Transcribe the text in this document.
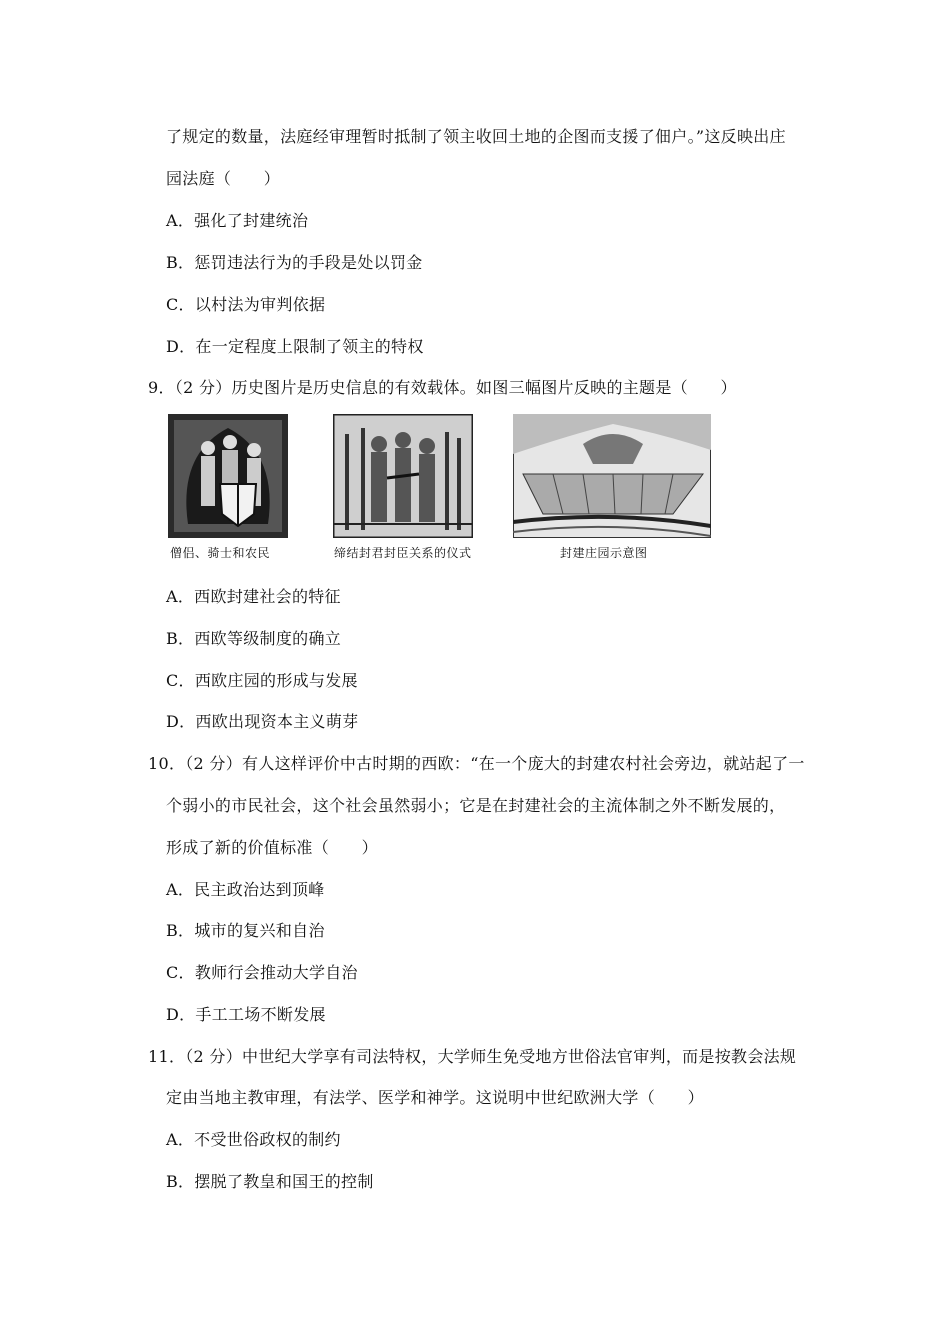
了规定的数量，法庭经审理暂时抵制了领主收回土地的企图而支援了佃户。”这反映出庄
园法庭（　　）
A．强化了封建统治
B．惩罚违法行为的手段是处以罚金
C．以村法为审判依据
D．在一定程度上限制了领主的特权
9．（2 分）历史图片是历史信息的有效载体。如图三幅图片反映的主题是（　　）
僧侣、骑士和农民	缔结封君封臣关系的仪式	封建庄园示意图
A．西欧封建社会的特征
B．西欧等级制度的确立
C．西欧庄园的形成与发展
D．西欧出现资本主义萌芽
10．（2 分）有人这样评价中古时期的西欧：“在一个庞大的封建农村社会旁边，就站起了一
个弱小的市民社会，这个社会虽然弱小；它是在封建社会的主流体制之外不断发展的，
形成了新的价值标准（　　）
A．民主政治达到顶峰
B．城市的复兴和自治
C．教师行会推动大学自治
D．手工工场不断发展
11．（2 分）中世纪大学享有司法特权，大学师生免受地方世俗法官审判，而是按教会法规
定由当地主教审理，有法学、医学和神学。这说明中世纪欧洲大学（　　）
A．不受世俗政权的制约
B．摆脱了教皇和国王的控制
